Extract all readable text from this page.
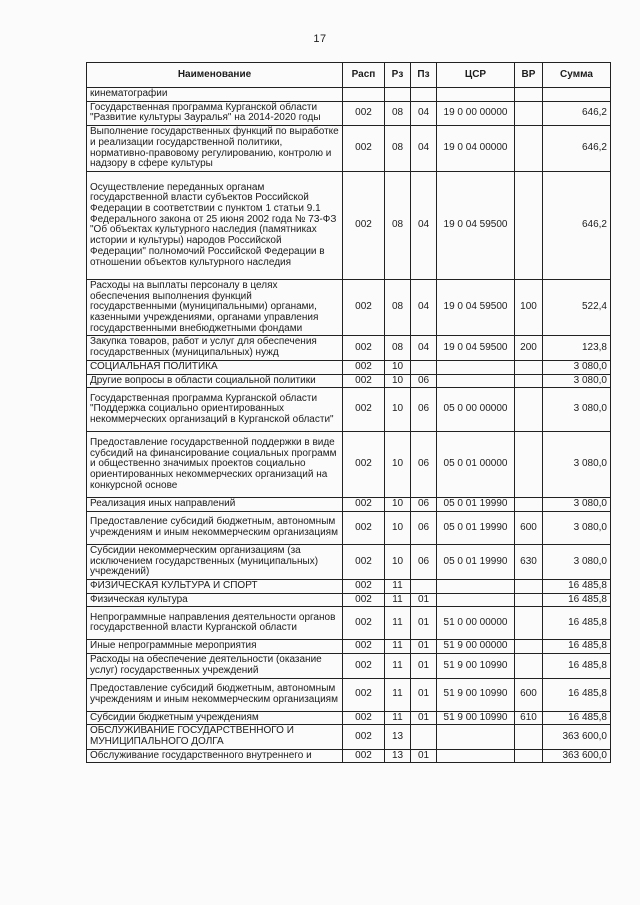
17
Наименование	Расп	Рз	Пз	ЦСР	ВР	Сумма
кинематографии						
Государственная программа Курганской области "Развитие культуры Зауралья" на 2014-2020 годы	002	08	04	19 0 00 00000		646,2
Выполнение государственных функций по выработке и реализации государственной политики, нормативно-правовому регулированию, контролю и надзору в сфере культуры	002	08	04	19 0 04 00000		646,2
Осуществление переданных органам государственной власти субъектов Российской Федерации в соответствии с пунктом 1 статьи 9.1 Федерального закона от 25 июня 2002 года № 73-ФЗ "Об объектах культурного наследия (памятниках истории и культуры) народов Российской Федерации" полномочий Российской Федерации в отношении объектов культурного наследия	002	08	04	19 0 04 59500		646,2
Расходы на выплаты персоналу в целях обеспечения выполнения функций государственными (муниципальными) органами, казенными учреждениями, органами управления государственными внебюджетными фондами	002	08	04	19 0 04 59500	100	522,4
Закупка товаров, работ и услуг для обеспечения государственных (муниципальных) нужд	002	08	04	19 0 04 59500	200	123,8
СОЦИАЛЬНАЯ ПОЛИТИКА	002	10				3 080,0
Другие вопросы в области социальной политики	002	10	06			3 080,0
Государственная программа Курганской области "Поддержка социально ориентированных некоммерческих организаций в Курганской области"	002	10	06	05 0 00 00000		3 080,0
Предоставление государственной поддержки в виде субсидий на финансирование социальных программ и общественно значимых проектов социально ориентированных некоммерческих организаций на конкурсной основе	002	10	06	05 0 01 00000		3 080,0
Реализация иных направлений	002	10	06	05 0 01 19990		3 080,0
Предоставление субсидий бюджетным, автономным учреждениям и иным некоммерческим организациям	002	10	06	05 0 01 19990	600	3 080,0
Субсидии некоммерческим организациям (за исключением государственных (муниципальных) учреждений)	002	10	06	05 0 01 19990	630	3 080,0
ФИЗИЧЕСКАЯ КУЛЬТУРА И СПОРТ	002	11				16 485,8
Физическая культура	002	11	01			16 485,8
Непрограммные направления деятельности органов государственной власти Курганской области	002	11	01	51 0 00 00000		16 485,8
Иные непрограммные мероприятия	002	11	01	51 9 00 00000		16 485,8
Расходы на обеспечение деятельности (оказание услуг) государственных учреждений	002	11	01	51 9 00 10990		16 485,8
Предоставление субсидий бюджетным, автономным учреждениям и иным некоммерческим организациям	002	11	01	51 9 00 10990	600	16 485,8
Субсидии бюджетным учреждениям	002	11	01	51 9 00 10990	610	16 485,8
ОБСЛУЖИВАНИЕ ГОСУДАРСТВЕННОГО И МУНИЦИПАЛЬНОГО ДОЛГА	002	13				363 600,0
Обслуживание государственного внутреннего и	002	13	01			363 600,0
